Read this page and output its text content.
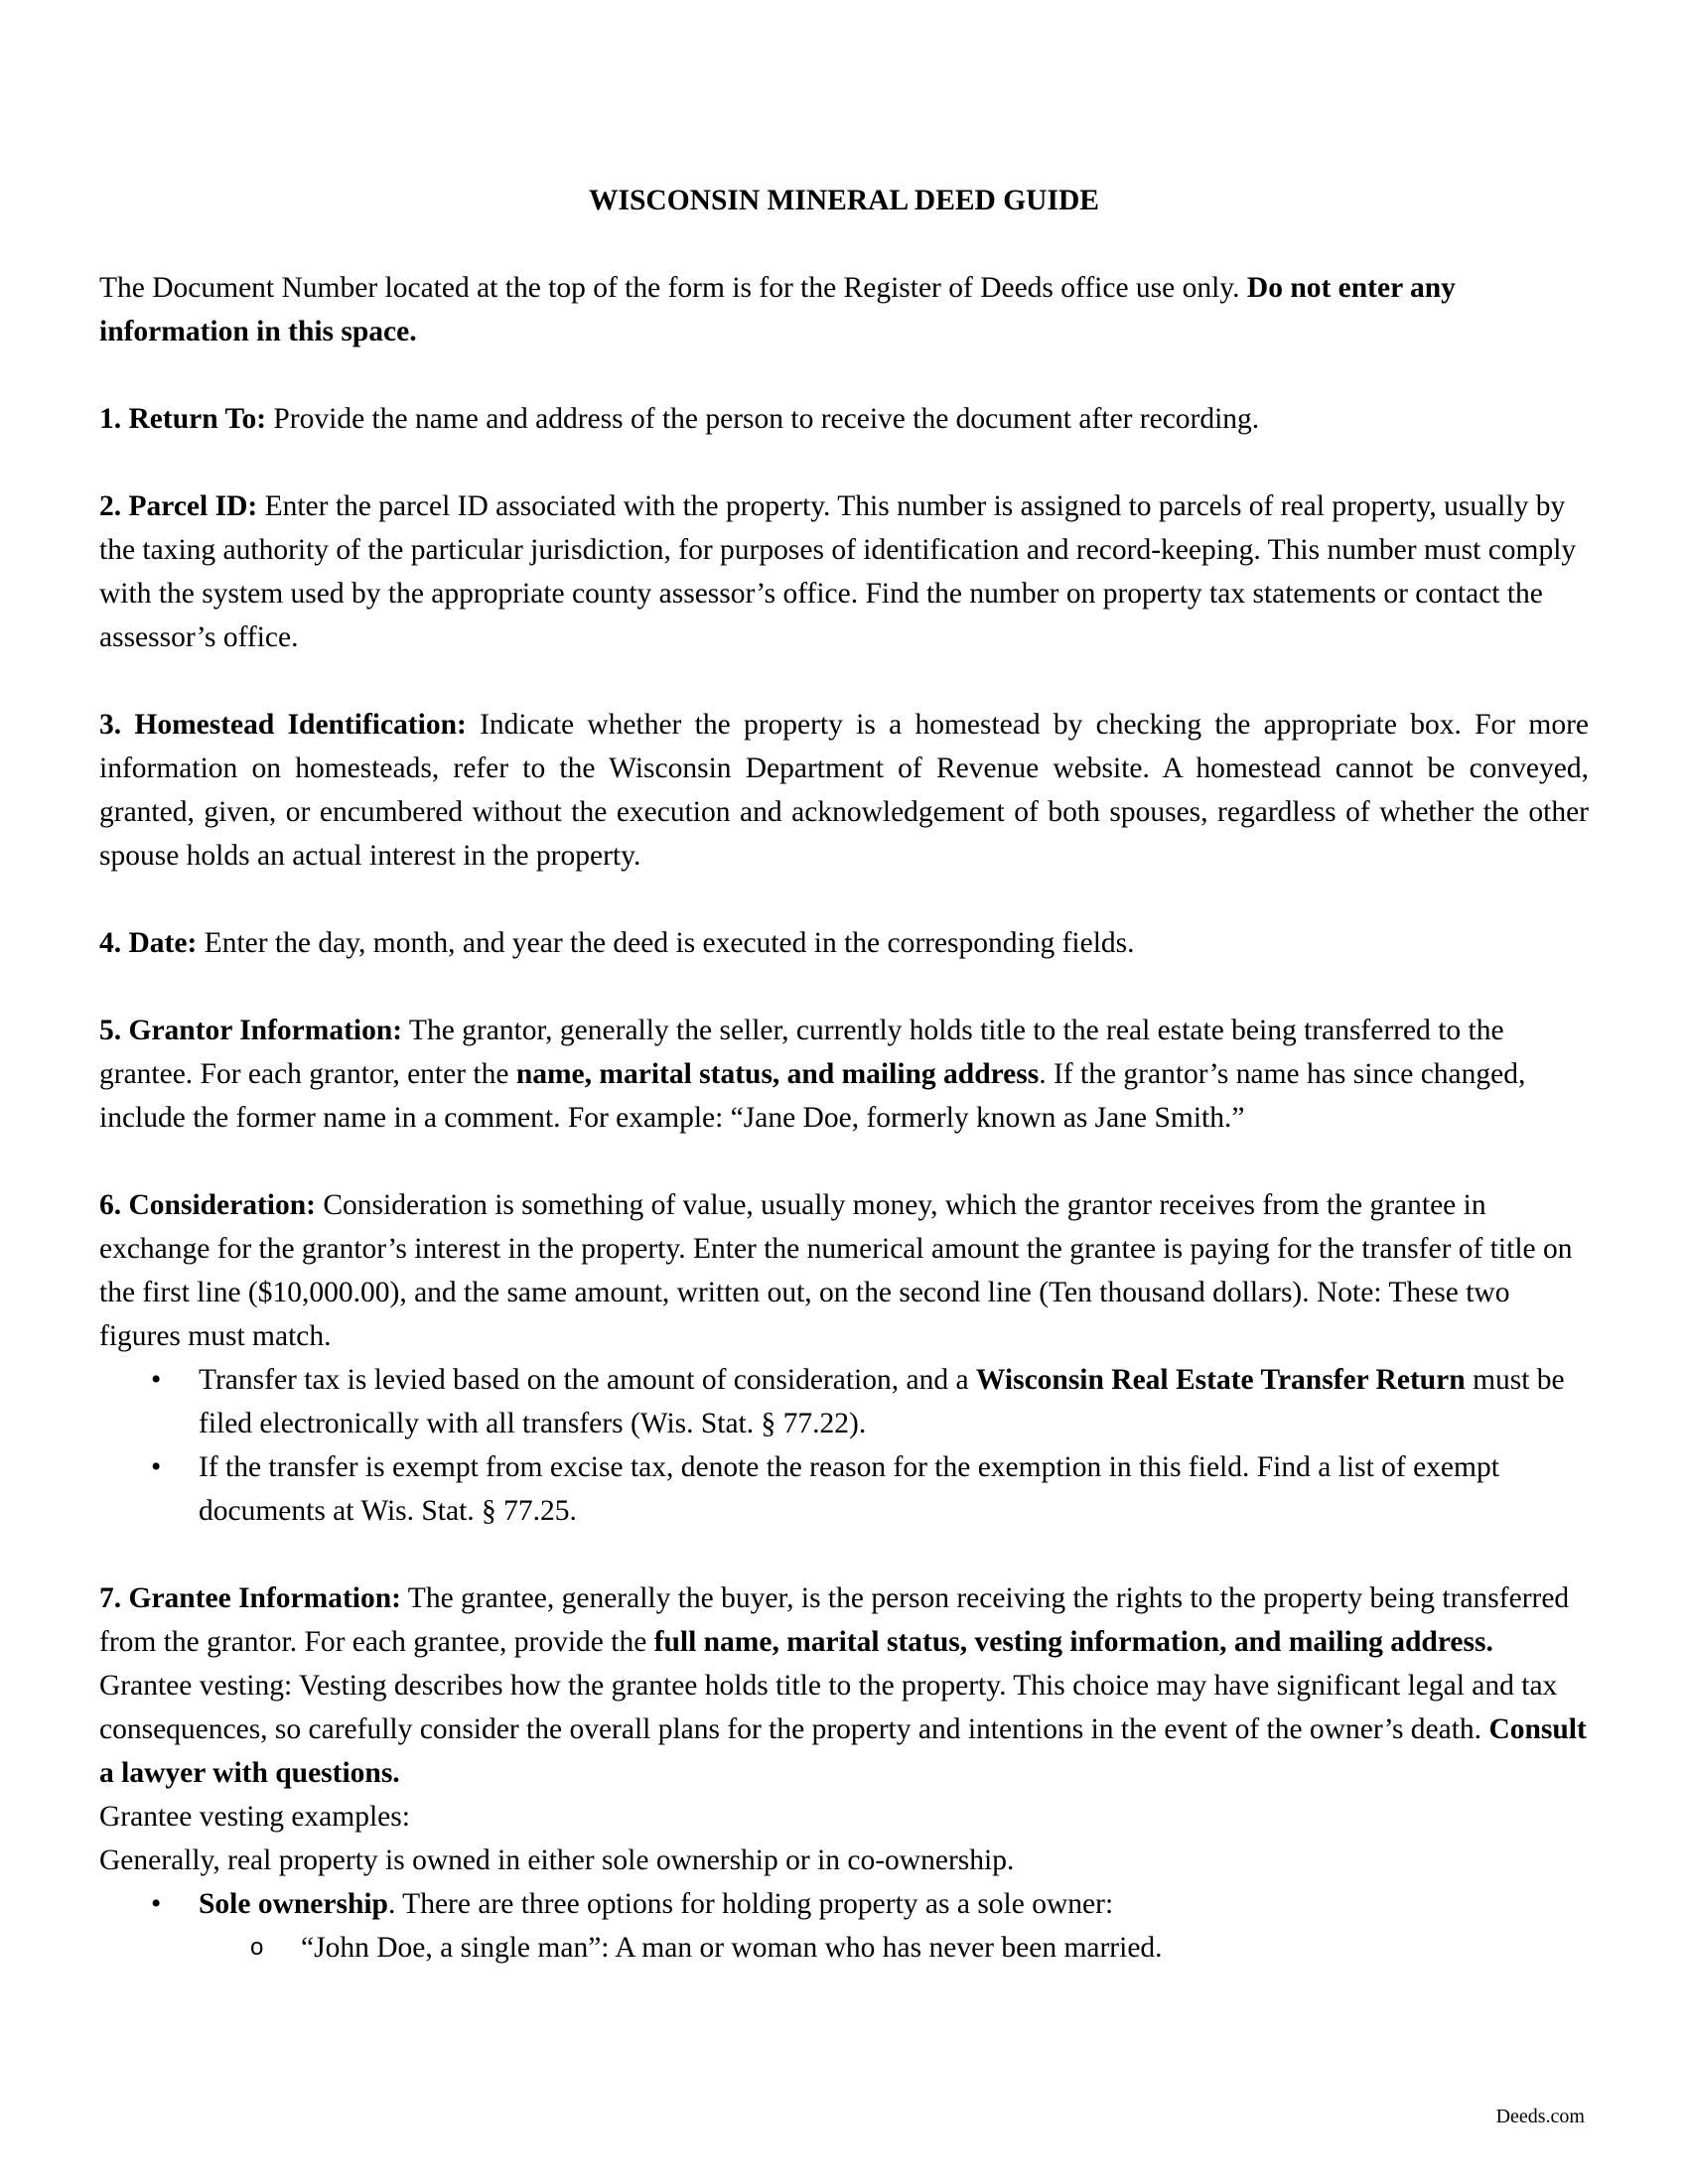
WISCONSIN MINERAL DEED GUIDE

The Document Number located at the top of the form is for the Register of Deeds office use only. Do not enter any information in this space.

1. Return To: Provide the name and address of the person to receive the document after recording.

2. Parcel ID: Enter the parcel ID associated with the property. This number is assigned to parcels of real property, usually by the taxing authority of the particular jurisdiction, for purposes of identification and record-keeping. This number must comply with the system used by the appropriate county assessor’s office. Find the number on property tax statements or contact the assessor’s office.

3. Homestead Identification: Indicate whether the property is a homestead by checking the appropriate box. For more information on homesteads, refer to the Wisconsin Department of Revenue website. A homestead cannot be conveyed, granted, given, or encumbered without the execution and acknowledgement of both spouses, regardless of whether the other spouse holds an actual interest in the property.

4. Date: Enter the day, month, and year the deed is executed in the corresponding fields.

5. Grantor Information: The grantor, generally the seller, currently holds title to the real estate being transferred to the grantee. For each grantor, enter the name, marital status, and mailing address. If the grantor’s name has since changed, include the former name in a comment. For example: “Jane Doe, formerly known as Jane Smith.”

6. Consideration: Consideration is something of value, usually money, which the grantor receives from the grantee in exchange for the grantor’s interest in the property. Enter the numerical amount the grantee is paying for the transfer of title on the first line ($10,000.00), and the same amount, written out, on the second line (Ten thousand dollars). Note: These two figures must match.

• Transfer tax is levied based on the amount of consideration, and a Wisconsin Real Estate Transfer Return must be filed electronically with all transfers (Wis. Stat. § 77.22).
• If the transfer is exempt from excise tax, denote the reason for the exemption in this field. Find a list of exempt documents at Wis. Stat. § 77.25.

7. Grantee Information: The grantee, generally the buyer, is the person receiving the rights to the property being transferred from the grantor. For each grantee, provide the full name, marital status, vesting information, and mailing address. Grantee vesting: Vesting describes how the grantee holds title to the property. This choice may have significant legal and tax consequences, so carefully consider the overall plans for the property and intentions in the event of the owner’s death. Consult a lawyer with questions.

Grantee vesting examples:

Generally, real property is owned in either sole ownership or in co-ownership.

• Sole ownership. There are three options for holding property as a sole owner:
o “John Doe, a single man”: A man or woman who has never been married.
Deeds.com
